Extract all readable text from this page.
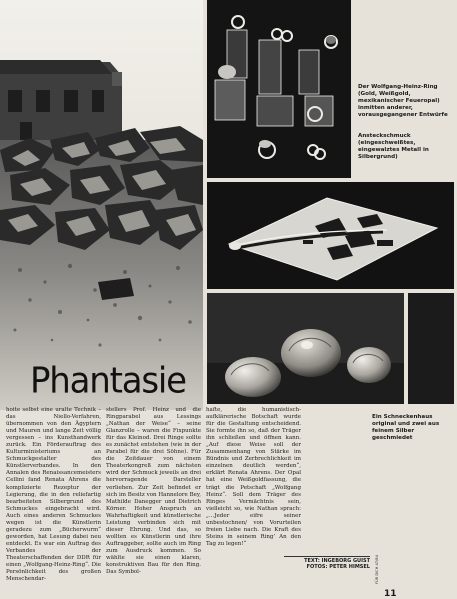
Phantasie
Der Wolfgang-Heinz-Ring (Gold, Weißgold, mexikanischer Feueropal) inmitten anderer, vorausgegangener Entwürfe
Ansteckschmuck (eingeschweißtes, eingewalztes Metall in Silbergrund)
Ein Schneckenhaus original und zwei aus feinem Silber geschmiedet

hoite selbst eine uralte Technik – das Niello-Verfahren, übernommen von den Ägyptern und Mauren und lange Zeit völlig vergessen – ins Kunsthandwerk zurück. Ein Förderauftrag des Kulturministeriums an Schmuckgestalter des Künstlerverbandes. In den Annalen des Renaissancemeisters Cellini fand Renata Ahrens die komplizierte Rezeptur der Legierung, die in den reliefartig bearbeiteten Silbergrund des Schmuckes eingebracht wird. Auch eines anderen Schmuckes wegen ist die Künstlerin geradezu zum „Bücherwurm“ geworden, hat Lesung dabei neu entdeckt. Es war ein Auftrag des Verbandes der Theaterschaffenden der DDR für einen „Wolfgang-Heinz-Ring“. Die Persönlichkeit des großen Menschendar-

stellers Prof. Heinz und die Ringparabel aus Lessings „Nathan der Weise“ – seine Glanzrolle – waren die Fixpunkte für das Kleinod. Drei Ringe sollte es zunächst entstehen (wie in der Parabel für die drei Söhne). Für die Zeitdauer von einem Theaterkongreß zum nächsten wird der Schmuck jeweils an drei hervorragende Darsteller verliehen. Zur Zeit befindet er sich im Besitz von Hannelore Bey, Mathilde Danegger und Dietrich Körner. Hoher Anspruch an Wahrhaftigkeit und künstlerische Leistung verbinden sich mit dieser Ehrung. Und das, so wollten es Künstlerin und ihre Auftraggeber, sollte auch im Ring zum Ausdruck kommen. So wählte sie einen klaren, konstruktiven Bau für den Ring. Das Symbol-

hafte, die humanistisch-aufklärerische Botschaft wurde für die Gestaltung entscheidend. Sie formte ihn so, daß der Träger ihn schließen und öffnen kann. „Auf diese Weise soll der Zusammenhang von Stärke im Bündnis und Zerbrechlichkeit im einzelnen deutlich werden“, erklärt Renata Ahrens. Der Opal hat eine Weißgoldfassung, die trägt die Petschaft „Wolfgang Heinz“. Soll dem Träger des Ringes Vermächtnis sein, vielleicht so, wie Nathan sprach: „…Jeder eifre seiner unbestochnen/ von Vorurteilen freien Liebe nach. Die Kraft des Steins in seinem Ring’ An den Tag zu legen!“

TEXT: INGEBORG GUIST
FOTOS: PETER HIMSEL FÜR DICH 47/84
11
